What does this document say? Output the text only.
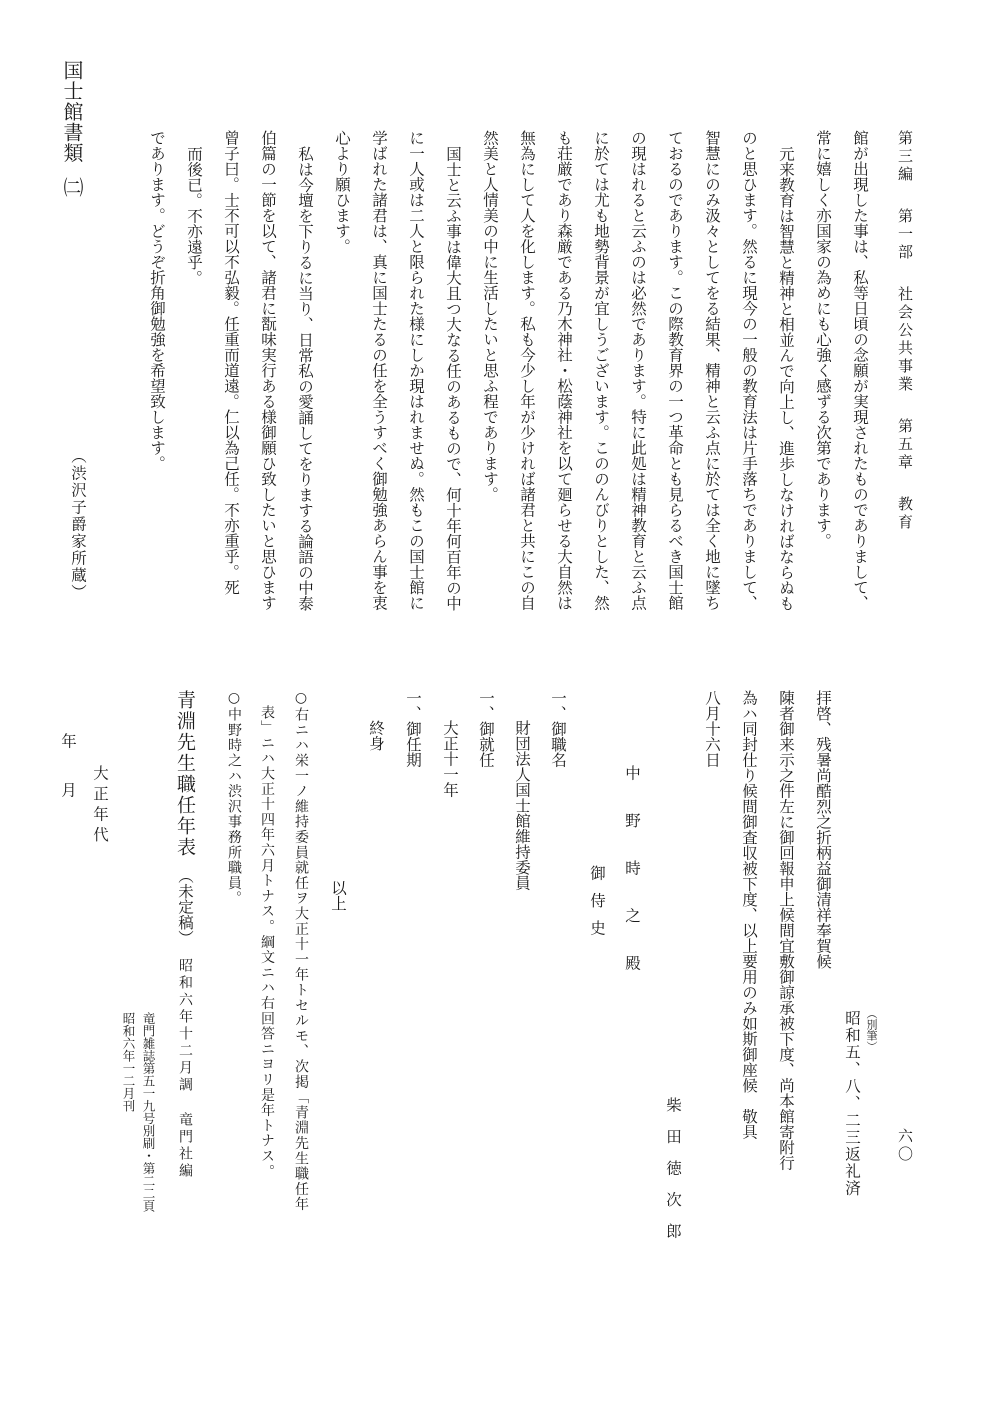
第三編第一部社会公共事業第五章教育
六〇
館が出現した事は、私等日頃の念願が実現されたものでありまして、
常に嬉しく亦国家の為めにも心強く感ずる次第であります。
元来教育は智慧と精神と相並んで向上し、進歩しなければならぬも
のと思ひます。然るに現今の一般の教育法は片手落ちでありまして、
智慧にのみ汲々としてをる結果、精神と云ふ点に於ては全く地に墜ち
ておるのであります。この際教育界の一つ革命とも見らるべき国士館
の現はれると云ふのは必然であります。特に此処は精神教育と云ふ点
に於ては尤も地勢背景が宜しうございます。こののんびりとした、然
も荘厳であり森厳である乃木神社・松蔭神社を以て廻らせる大自然は
無為にして人を化します。私も今少し年が少ければ諸君と共にこの自
然美と人情美の中に生活したいと思ふ程であります。
国士と云ふ事は偉大且つ大なる任のあるもので、何十年何百年の中
に一人或は二人と限られた様にしか現はれませぬ。然もこの国士館に
学ばれた諸君は、真に国士たるの任を全うすべく御勉強あらん事を衷
心より願ひます。
私は今壇を下りるに当り、日常私の愛誦してをりまする論語の中泰
伯篇の一節を以て、諸君に翫味実行ある様御願ひ致したいと思ひます
曾子曰。士不可以不弘毅。任重而道遠。仁以為己任。不亦重乎。死
而後已。不亦遠乎。
であります。どうぞ折角御勉強を希望致します。
（渋沢子爵家所蔵）
国士館書類㈡
（別筆）
昭和五、八、二三返礼済
拝啓、残暑尚酷烈之折柄益御清祥奉賀候
陳者御来示之件左に御回報申上候間宜敷御諒承被下度、尚本館寄附行
為ハ同封仕り候間御査収被下度、以上要用のみ如斯御座候　敬具
八月十六日
柴田徳次郎
中野時之殿
御侍史
一、御職名
財団法人国士館維持委員
一、御就任
大正十一年
一、御任期
終身
以上
○右ニハ栄一ノ維持委員就任ヲ大正十一年トセルモ、次掲「青淵先生職任年
表」ニハ大正十四年六月トナス。綱文ニハ右回答ニヨリ是年トナス。
○中野時之ハ渋沢事務所職員。
青淵先生職任年表（未定稿）昭和六年十二月調竜門社編
竜門雑誌第五一九号別刷・第二二頁
昭和六年一二月刊
大正年代
年
月
